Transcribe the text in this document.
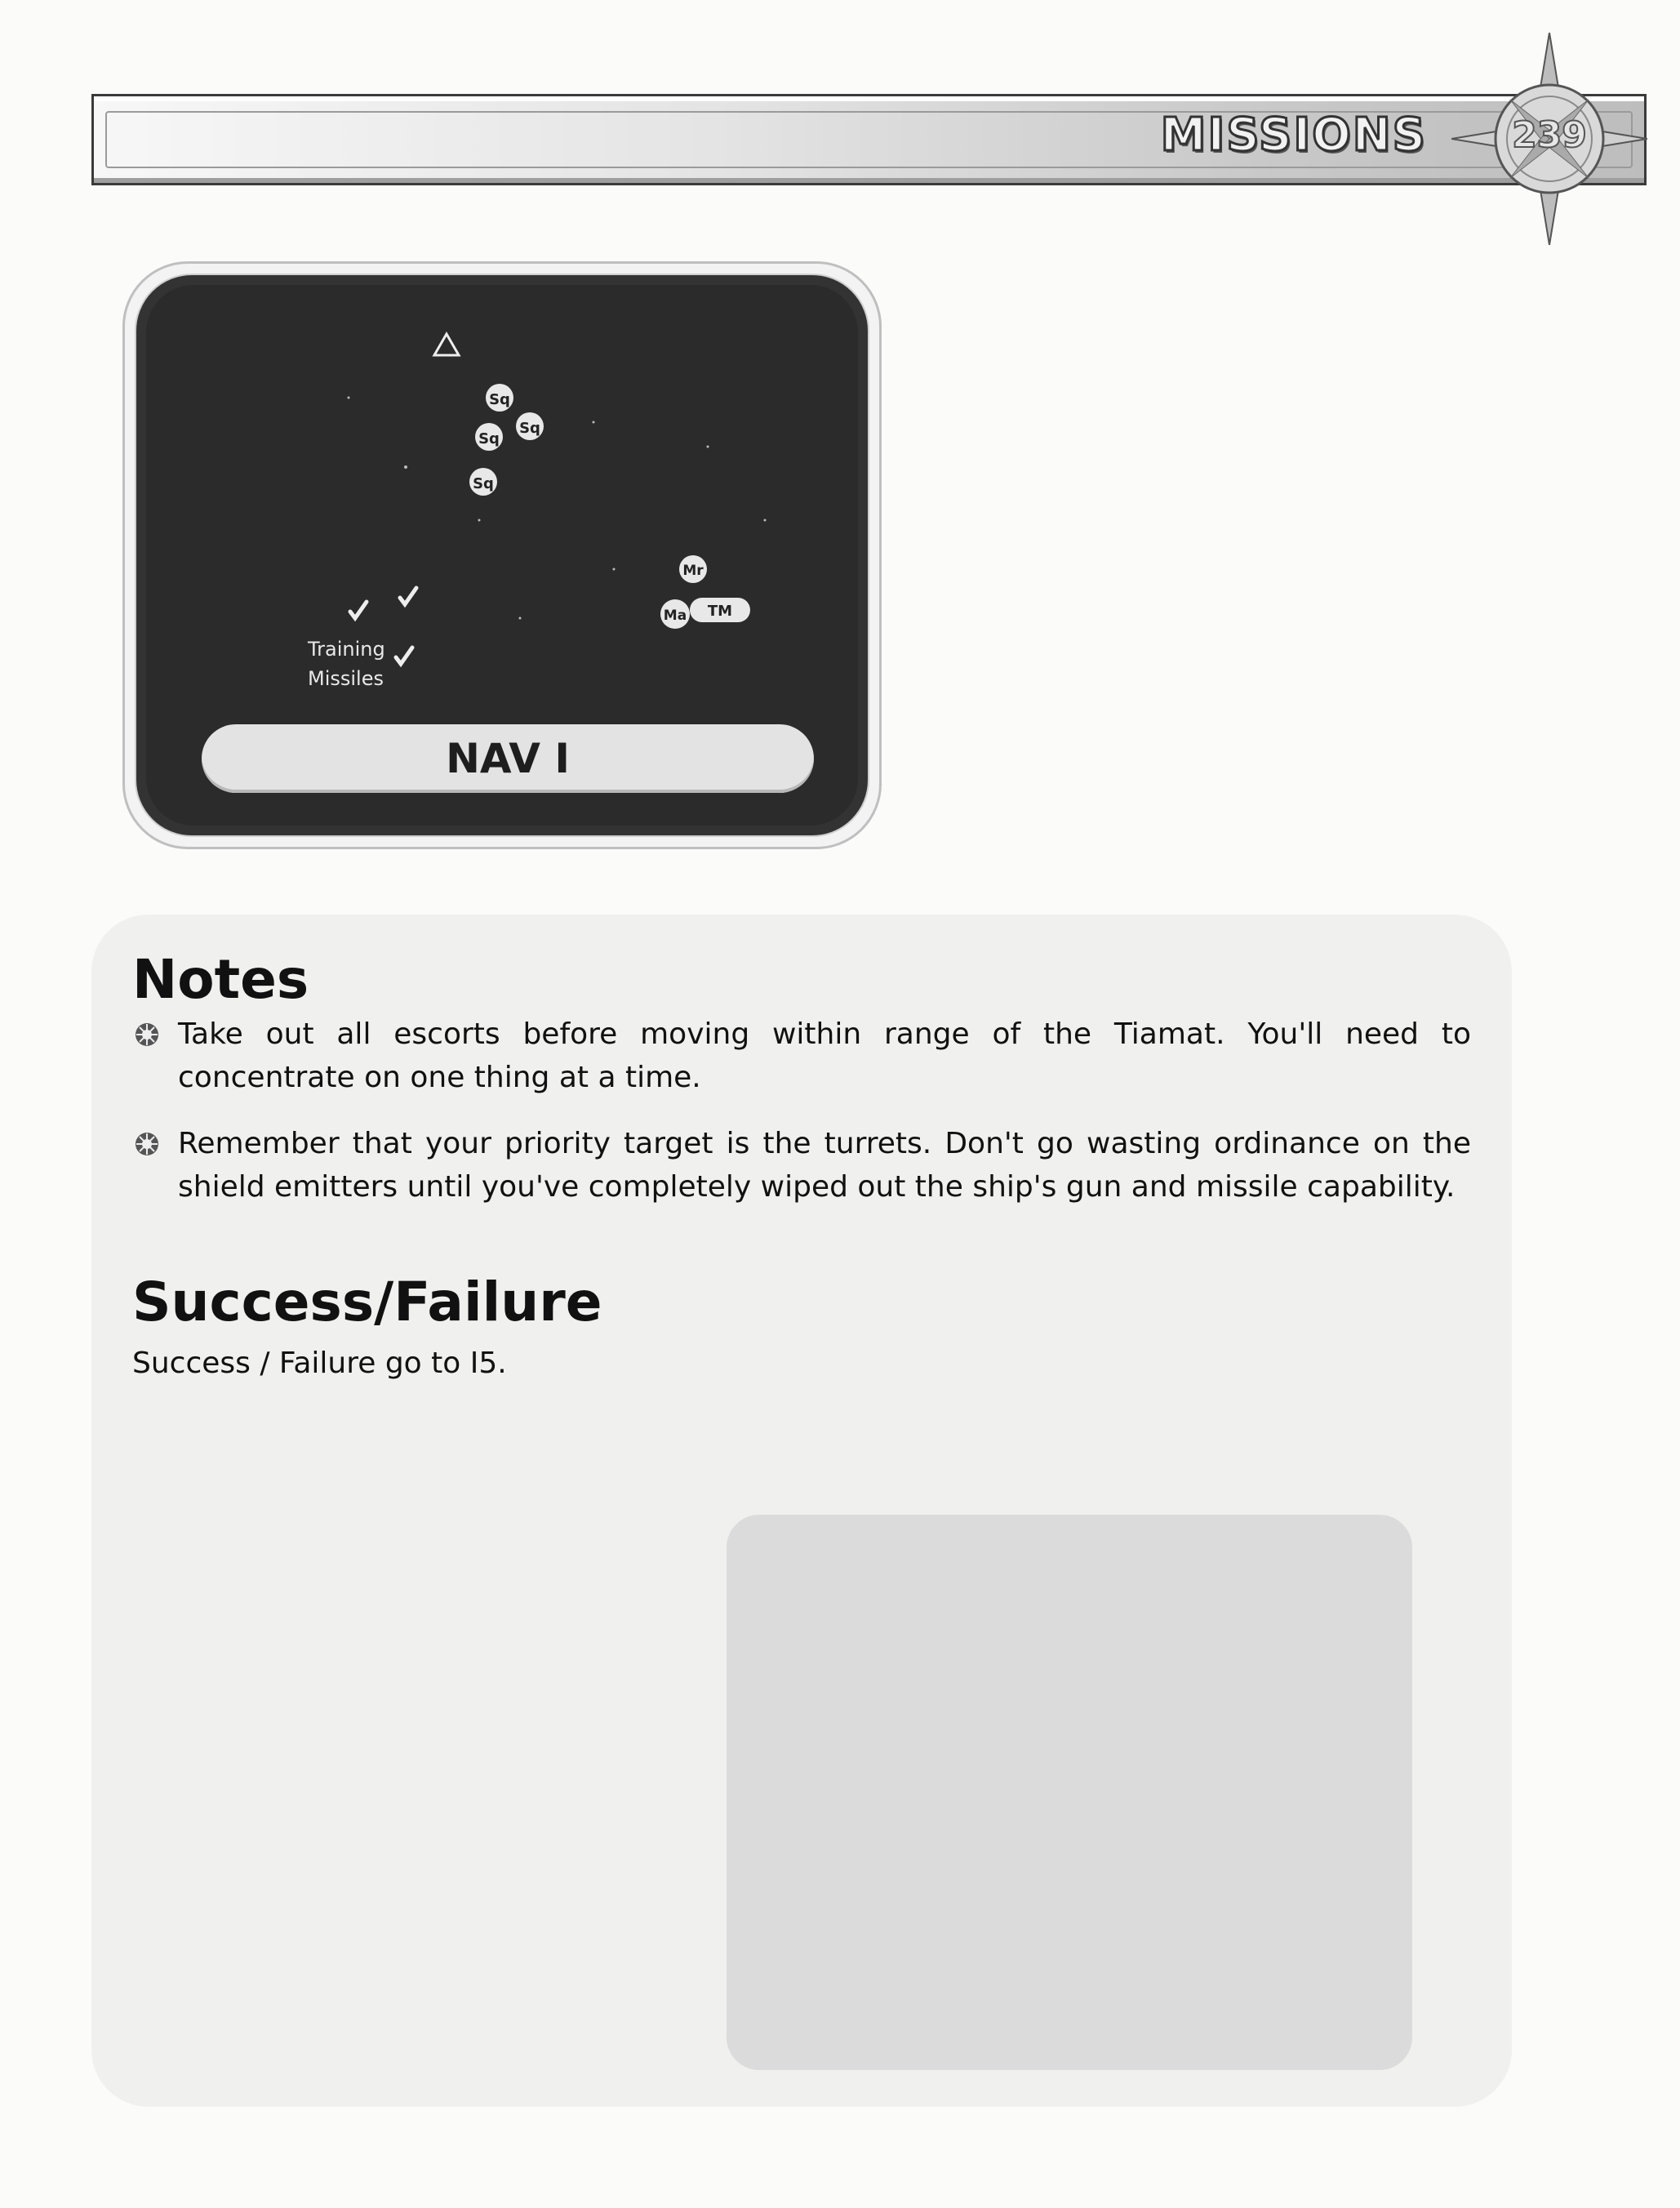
MISSIONS	239
Sq
Sq
Sq
Sq
Mr
Ma TM
Training
Missiles
NAV I
Notes
Take out all escorts before moving within range of the Tiamat. You'll need to concentrate on one thing at a time.
Remember that your priority target is the turrets. Don't go wasting ordinance on the shield emitters until you've completely wiped out the ship's gun and missile capability.
Success/Failure
Success / Failure go to I5.
